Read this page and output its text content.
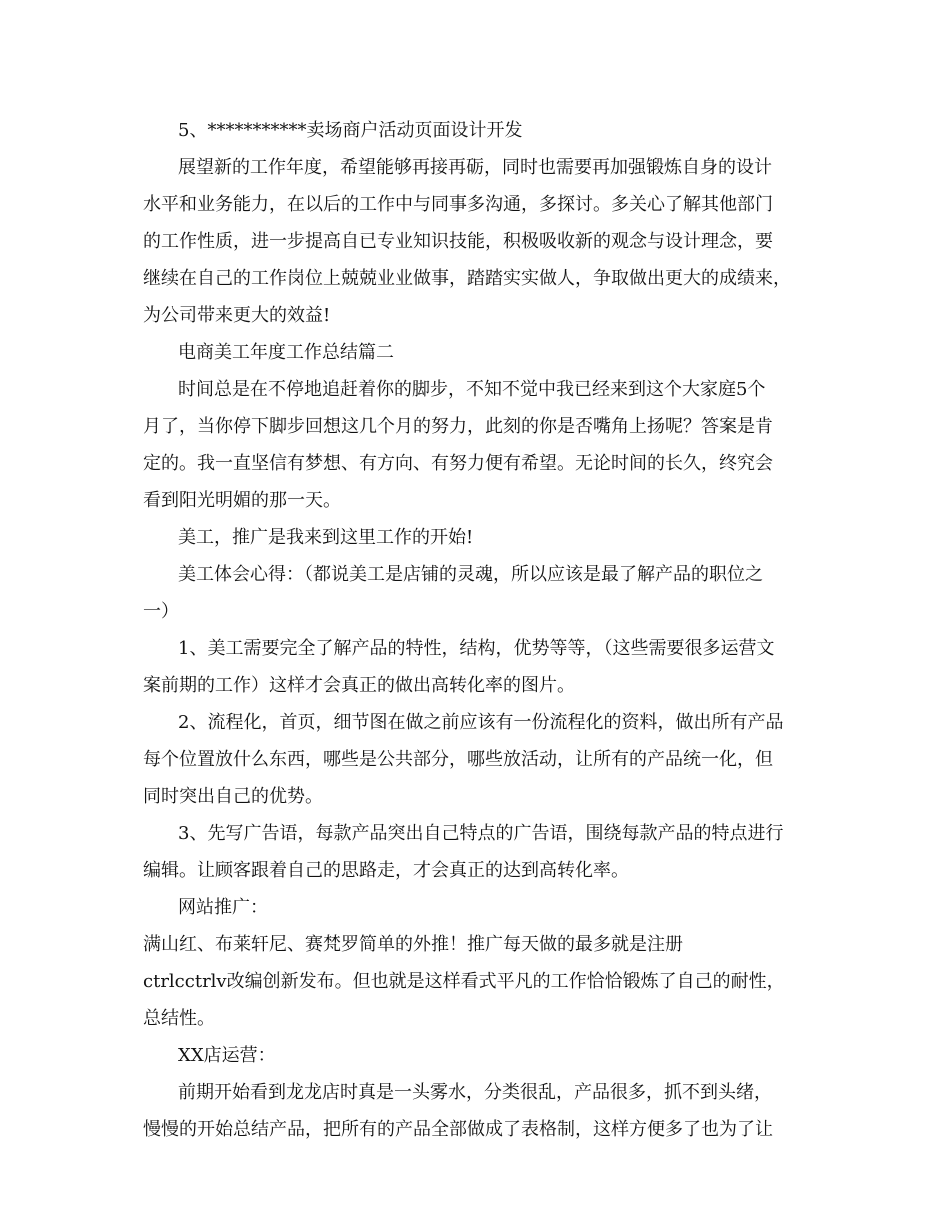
5、***********卖场商户活动页面设计开发

展望新的工作年度，希望能够再接再砺，同时也需要再加强锻炼自身的设计

水平和业务能力，在以后的工作中与同事多沟通，多探讨。多关心了解其他部门

的工作性质，进一步提高自已专业知识技能，积极吸收新的观念与设计理念，要

继续在自己的工作岗位上兢兢业业做事，踏踏实实做人，争取做出更大的成绩来，

为公司带来更大的效益!

电商美工年度工作总结篇二

时间总是在不停地追赶着你的脚步，不知不觉中我已经来到这个大家庭5个

月了，当你停下脚步回想这几个月的努力，此刻的你是否嘴角上扬呢？答案是肯

定的。我一直坚信有梦想、有方向、有努力便有希望。无论时间的长久，终究会

看到阳光明媚的那一天。

美工，推广是我来到这里工作的开始!

美工体会心得：（都说美工是店铺的灵魂，所以应该是最了解产品的职位之

一）

1、美工需要完全了解产品的特性，结构，优势等等，（这些需要很多运营文

案前期的工作）这样才会真正的做出高转化率的图片。

2、流程化，首页，细节图在做之前应该有一份流程化的资料，做出所有产品

每个位置放什么东西，哪些是公共部分，哪些放活动，让所有的产品统一化，但

同时突出自己的优势。

3、先写广告语，每款产品突出自己特点的广告语，围绕每款产品的特点进行

编辑。让顾客跟着自己的思路走，才会真正的达到高转化率。

网站推广：

满山红、布莱轩尼、赛梵罗简单的外推！推广每天做的最多就是注册

ctrlcctrlv改编创新发布。但也就是这样看式平凡的工作恰恰锻炼了自己的耐性，

总结性。

XX店运营：

前期开始看到龙龙店时真是一头雾水，分类很乱，产品很多，抓不到头绪，

慢慢的开始总结产品，把所有的产品全部做成了表格制，这样方便多了也为了让
